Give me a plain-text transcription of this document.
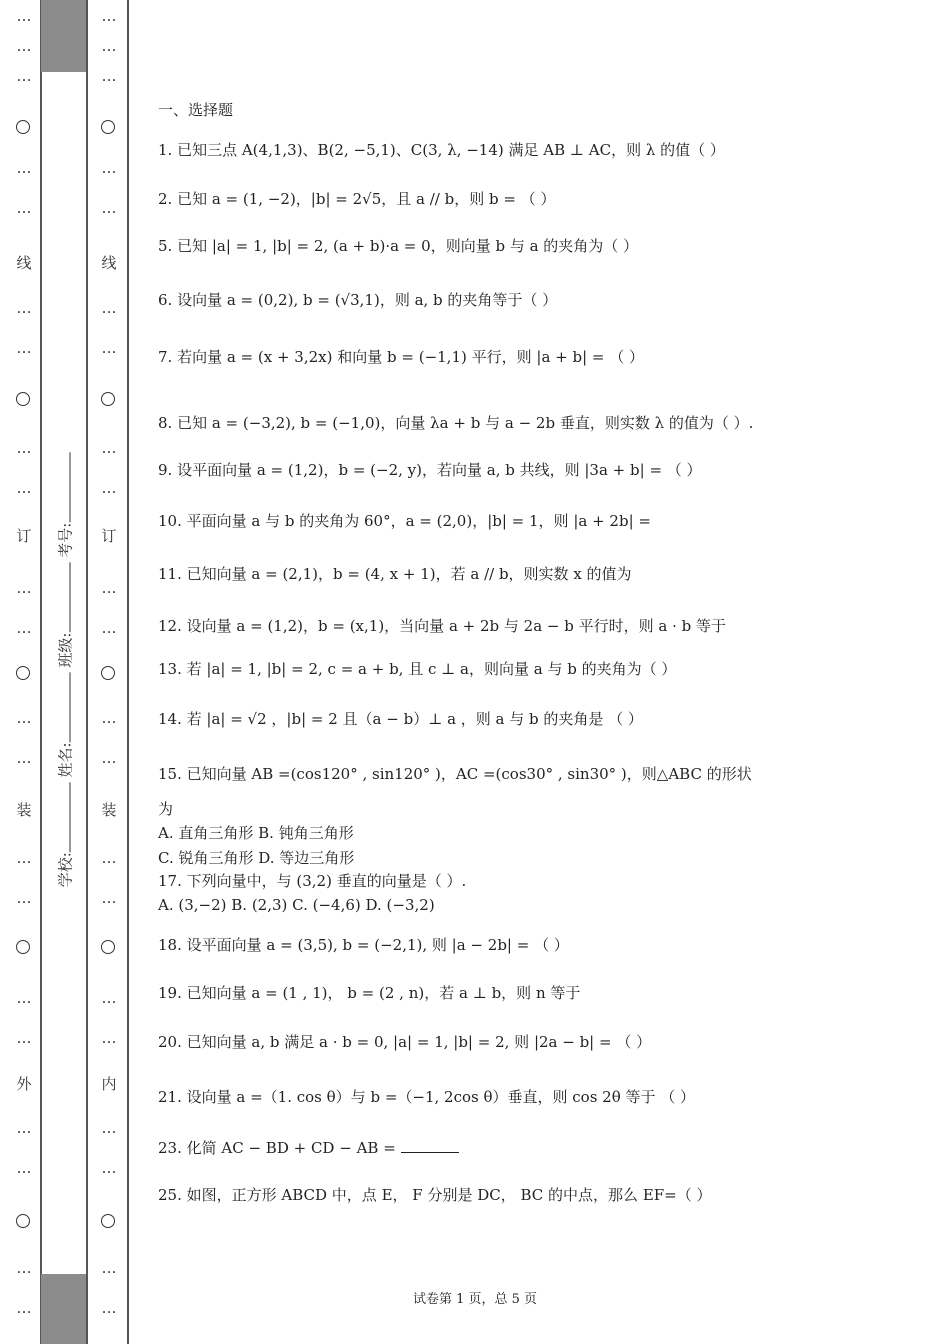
…
…
…
…
…
线
…
…
…
…
订
…
…
…
…
装
…
…
…
…
外
…
…
…
…
…
…
…
…
…
线
…
…
…
…
订
…
…
…
…
装
…
…
…
…
内
…
…
…
…
学校: 姓名: 班级: 考号:
一、选择题
1. 已知三点 A(4,1,3)、B(2, −5,1)、C(3, λ, −14) 满足 AB ⊥ AC，则 λ 的值（ ）
2. 已知 a = (1, −2)，|b| = 2√5，且 a // b，则 b = （ ）
5. 已知 |a| = 1, |b| = 2, (a + b)·a = 0，则向量 b 与 a 的夹角为（ ）
6. 设向量 a = (0,2), b = (√3,1)，则 a, b 的夹角等于（ ）
7. 若向量 a = (x + 3,2x) 和向量 b = (−1,1) 平行，则 |a + b| = （ ）
8. 已知 a = (−3,2), b = (−1,0)，向量 λa + b 与 a − 2b 垂直，则实数 λ 的值为（ ）.
9. 设平面向量 a = (1,2)，b = (−2, y)，若向量 a, b 共线，则 |3a + b| = （ ）
10. 平面向量 a 与 b 的夹角为 60°，a = (2,0)，|b| = 1，则 |a + 2b| =
11. 已知向量 a = (2,1)，b = (4, x + 1)，若 a // b，则实数 x 的值为
12. 设向量 a = (1,2)，b = (x,1)，当向量 a + 2b 与 2a − b 平行时，则 a · b 等于
13. 若 |a| = 1, |b| = 2, c = a + b, 且 c ⊥ a，则向量 a 与 b 的夹角为（ ）
14. 若 |a| = √2 ，|b| = 2 且（a − b）⊥ a ，则 a 与 b 的夹角是 （ ）
15. 已知向量 AB =(cos120° , sin120° )，AC =(cos30° , sin30° )，则△ABC 的形状
为
A. 直角三角形 B. 钝角三角形
C. 锐角三角形 D. 等边三角形
17. 下列向量中，与 (3,2) 垂直的向量是（ ）.
A. (3,−2) B. (2,3) C. (−4,6) D. (−3,2)
18. 设平面向量 a = (3,5), b = (−2,1), 则 |a − 2b| = （ ）
19. 已知向量 a = (1 , 1)， b = (2 , n)，若 a ⊥ b，则 n 等于
20. 已知向量 a, b 满足 a · b = 0, |a| = 1, |b| = 2, 则 |2a − b| = （ ）
21. 设向量 a =（1. cos θ）与 b =（−1, 2cos θ）垂直，则 cos 2θ 等于 （ ）
23. 化简 AC − BD + CD − AB =
25. 如图，正方形 ABCD 中，点 E， F 分别是 DC， BC 的中点，那么 EF=（ ）
试卷第 1 页，总 5 页
